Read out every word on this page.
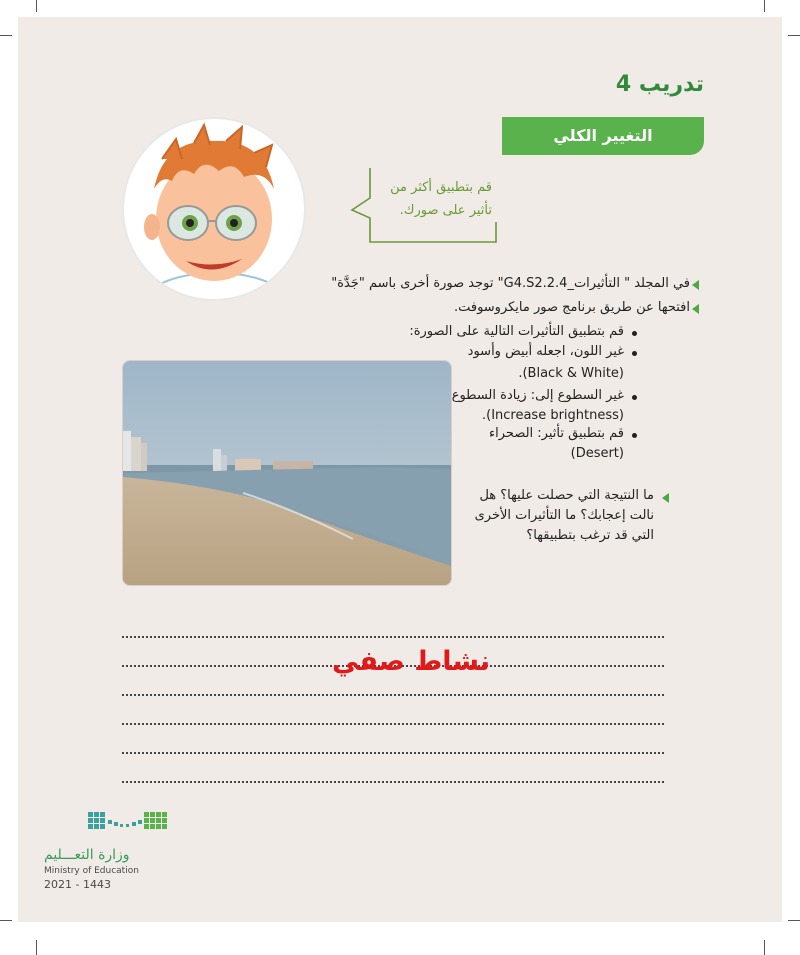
تدريب 4
التغيير الكلي
قم بتطبيق أكثر من
تأثير على صورك.
في المجلد " التأثيرات_G4.S2.2.4" توجد صورة أخرى باسم "جَدَّة"
افتحها عن طريق برنامج صور مايكروسوفت.
قم بتطبيق التأثيرات التالية على الصورة:
غير اللون، اجعله أبيض وأسود
(Black & White).
غير السطوع إلى: زيادة السطوع
(Increase brightness).
قم بتطبيق تأثير: الصحراء
(Desert)
ما النتيجة التي حصلت عليها؟ هل
نالت إعجابك؟ ما التأثيرات الأخرى
التي قد ترغب بتطبيقها؟
نشاط صفي
وزارة التعـــليم
Ministry of Education
2021 - 1443
